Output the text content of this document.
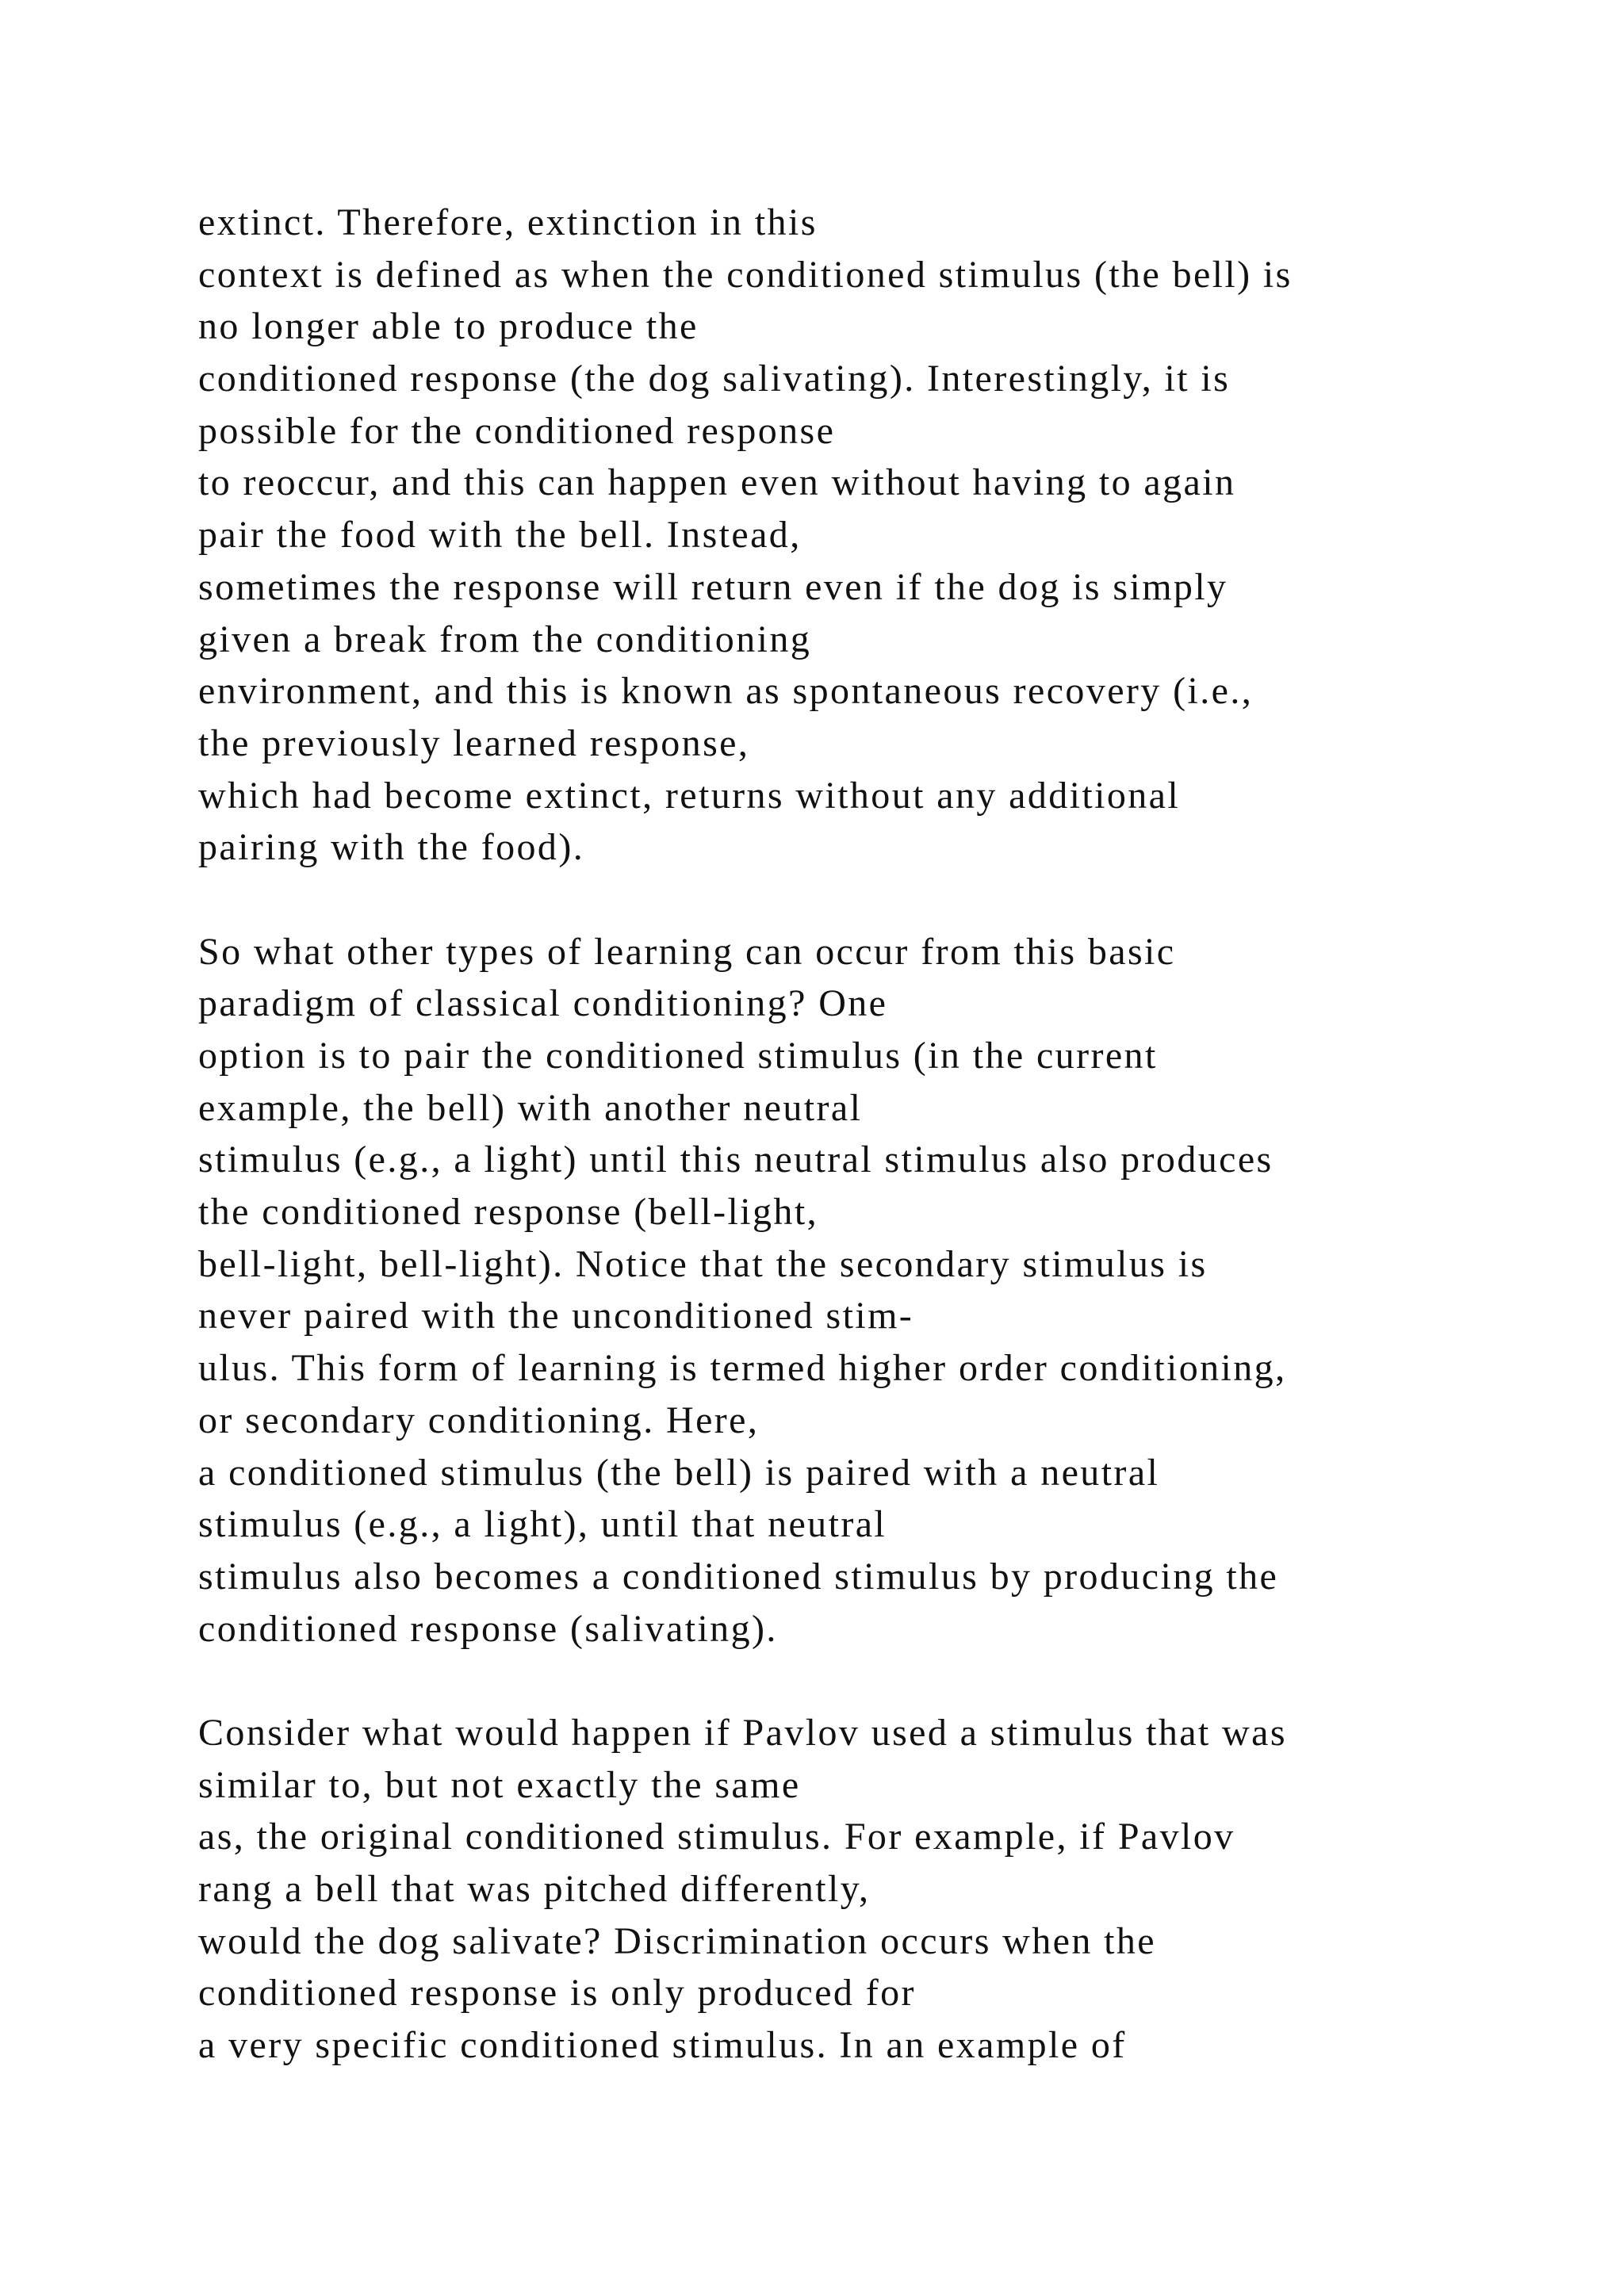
extinct. Therefore, extinction in this
context is defined as when the conditioned stimulus (the bell) is
no longer able to produce the
conditioned response (the dog salivating). Interestingly, it is
possible for the conditioned response
to reoccur, and this can happen even without having to again
pair the food with the bell. Instead,
sometimes the response will return even if the dog is simply
given a break from the conditioning
environment, and this is known as spontaneous recovery (i.e.,
the previously learned response,
which had become extinct, returns without any additional
pairing with the food).
So what other types of learning can occur from this basic
paradigm of classical conditioning? One
option is to pair the conditioned stimulus (in the current
example, the bell) with another neutral
stimulus (e.g., a light) until this neutral stimulus also produces
the conditioned response (bell-light,
bell-light, bell-light). Notice that the secondary stimulus is
never paired with the unconditioned stim-
ulus. This form of learning is termed higher order conditioning,
or secondary conditioning. Here,
a conditioned stimulus (the bell) is paired with a neutral
stimulus (e.g., a light), until that neutral
stimulus also becomes a conditioned stimulus by producing the
conditioned response (salivating).
Consider what would happen if Pavlov used a stimulus that was
similar to, but not exactly the same
as, the original conditioned stimulus. For example, if Pavlov
rang a bell that was pitched differently,
would the dog salivate? Discrimination occurs when the
conditioned response is only produced for
a very specific conditioned stimulus. In an example of
